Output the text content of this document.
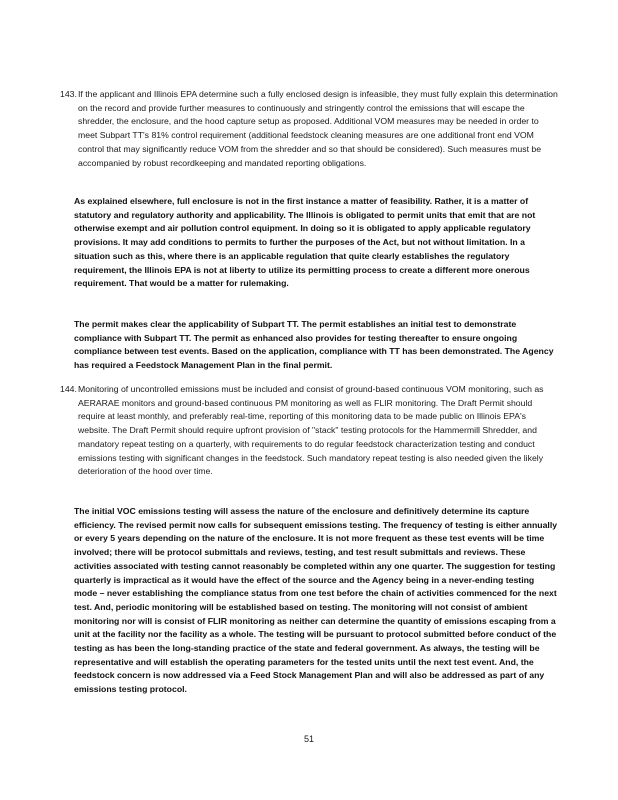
143. If the applicant and Illinois EPA determine such a fully enclosed design is infeasible, they must fully explain this determination on the record and provide further measures to continuously and stringently control the emissions that will escape the shredder, the enclosure, and the hood capture setup as proposed. Additional VOM measures may be needed in order to meet Subpart TT's 81% control requirement (additional feedstock cleaning measures are one additional front end VOM control that may significantly reduce VOM from the shredder and so that should be considered). Such measures must be accompanied by robust recordkeeping and mandated reporting obligations.
As explained elsewhere, full enclosure is not in the first instance a matter of feasibility. Rather, it is a matter of statutory and regulatory authority and applicability. The Illinois is obligated to permit units that emit that are not otherwise exempt and air pollution control equipment. In doing so it is obligated to apply applicable regulatory provisions. It may add conditions to permits to further the purposes of the Act, but not without limitation. In a situation such as this, where there is an applicable regulation that quite clearly establishes the regulatory requirement, the Illinois EPA is not at liberty to utilize its permitting process to create a different more onerous requirement. That would be a matter for rulemaking.
The permit makes clear the applicability of Subpart TT. The permit establishes an initial test to demonstrate compliance with Subpart TT. The permit as enhanced also provides for testing thereafter to ensure ongoing compliance between test events. Based on the application, compliance with TT has been demonstrated. The Agency has required a Feedstock Management Plan in the final permit.
144. Monitoring of uncontrolled emissions must be included and consist of ground-based continuous VOM monitoring, such as AERARAE monitors and ground-based continuous PM monitoring as well as FLIR monitoring. The Draft Permit should require at least monthly, and preferably real-time, reporting of this monitoring data to be made public on Illinois EPA's website. The Draft Permit should require upfront provision of "stack" testing protocols for the Hammermill Shredder, and mandatory repeat testing on a quarterly, with requirements to do regular feedstock characterization testing and conduct emissions testing with significant changes in the feedstock. Such mandatory repeat testing is also needed given the likely deterioration of the hood over time.
The initial VOC emissions testing will assess the nature of the enclosure and definitively determine its capture efficiency. The revised permit now calls for subsequent emissions testing. The frequency of testing is either annually or every 5 years depending on the nature of the enclosure. It is not more frequent as these test events will be time involved; there will be protocol submittals and reviews, testing, and test result submittals and reviews. These activities associated with testing cannot reasonably be completed within any one quarter. The suggestion for testing quarterly is impractical as it would have the effect of the source and the Agency being in a never-ending testing mode – never establishing the compliance status from one test before the chain of activities commenced for the next test. And, periodic monitoring will be established based on testing. The monitoring will not consist of ambient monitoring nor will is consist of FLIR monitoring as neither can determine the quantity of emissions escaping from a unit at the facility nor the facility as a whole. The testing will be pursuant to protocol submitted before conduct of the testing as has been the long-standing practice of the state and federal government. As always, the testing will be representative and will establish the operating parameters for the tested units until the next test event. And, the feedstock concern is now addressed via a Feed Stock Management Plan and will also be addressed as part of any emissions testing protocol.
51
